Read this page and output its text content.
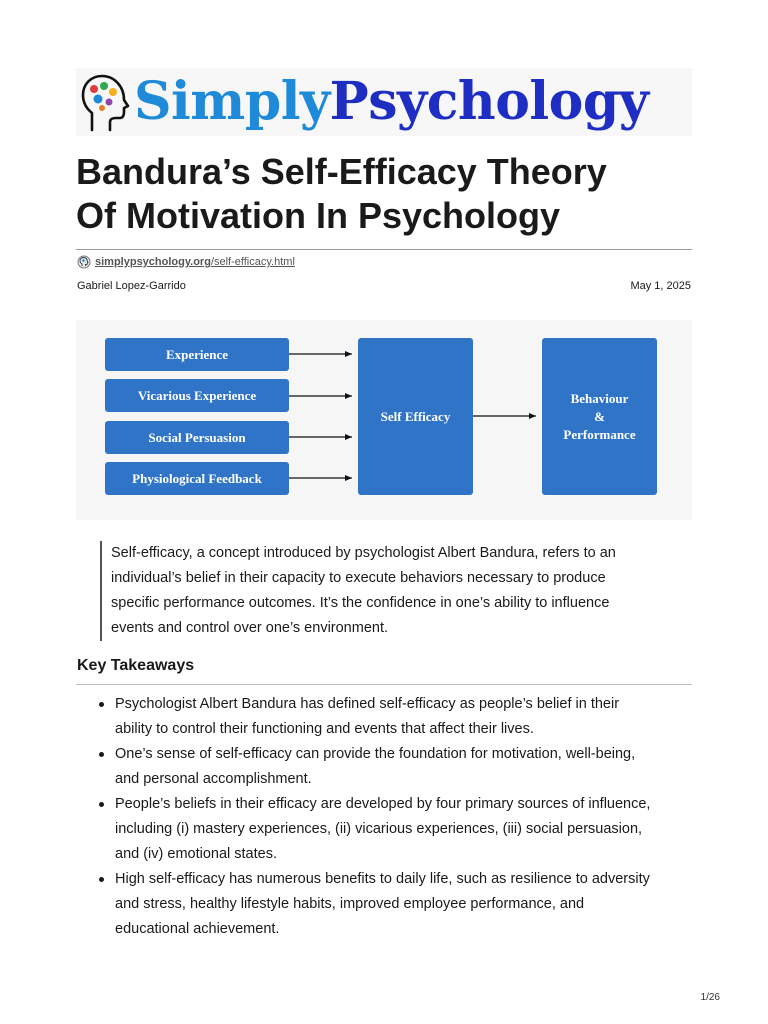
SimplyPsychology
Bandura’s Self-Efficacy Theory
Of Motivation In Psychology
simplypsychology.org /self-efficacy.html
Gabriel Lopez-Garrido	May 1, 2025
Experience
Vicarious Experience
Social Persuasion
Physiological Feedback
Self Efficacy
Behaviour
&
Performance
Self-efficacy, a concept introduced by psychologist Albert Bandura, refers to an
individual’s belief in their capacity to execute behaviors necessary to produce
specific performance outcomes. It’s the confidence in one’s ability to influence
events and control over one’s environment.
Key Takeaways
Psychologist Albert Bandura has defined self-efficacy as people’s belief in their
ability to control their functioning and events that affect their lives.
One’s sense of self-efficacy can provide the foundation for motivation, well-being,
and personal accomplishment.
People’s beliefs in their efficacy are developed by four primary sources of influence,
including (i) mastery experiences, (ii) vicarious experiences, (iii) social persuasion,
and (iv) emotional states.
High self-efficacy has numerous benefits to daily life, such as resilience to adversity
and stress, healthy lifestyle habits, improved employee performance, and
educational achievement.
1/26
